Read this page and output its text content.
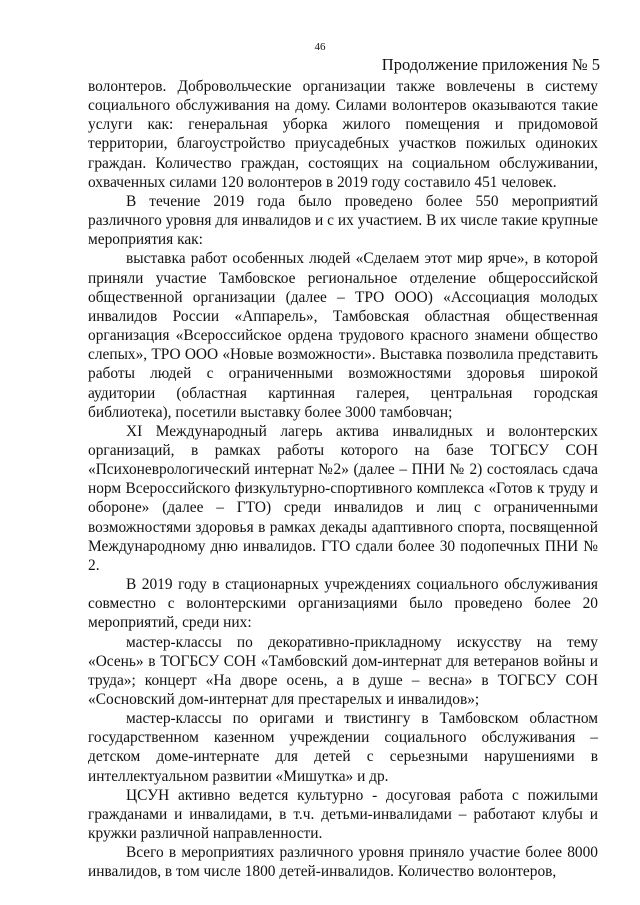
46
Продолжение приложения № 5

волонтеров. Добровольческие организации также вовлечены в систему социального обслуживания на дому. Силами волонтеров оказываются такие услуги как: генеральная уборка жилого помещения и придомовой территории, благоустройство приусадебных участков пожилых одиноких граждан. Количество граждан, состоящих на социальном обслуживании, охваченных силами 120 волонтеров в 2019 году составило 451 человек.

В течение 2019 года было проведено более 550 мероприятий различного уровня для инвалидов и с их участием. В их числе такие крупные мероприятия как:

выставка работ особенных людей «Сделаем этот мир ярче», в которой приняли участие Тамбовское региональное отделение общероссийской общественной организации (далее – ТРО ООО) «Ассоциация молодых инвалидов России «Аппарель», Тамбовская областная общественная организация «Всероссийское ордена трудового красного знамени общество слепых», ТРО ООО «Новые возможности». Выставка позволила представить работы людей с ограниченными возможностями здоровья широкой аудитории (областная картинная галерея, центральная городская библиотека), посетили выставку более 3000 тамбовчан;

XI Международный лагерь актива инвалидных и волонтерских организаций, в рамках работы которого на базе ТОГБСУ СОН «Психоневрологический интернат №2» (далее – ПНИ № 2) состоялась сдача норм Всероссийского физкультурно-спортивного комплекса «Готов к труду и обороне» (далее – ГТО) среди инвалидов и лиц с ограниченными возможностями здоровья в рамках декады адаптивного спорта, посвященной Международному дню инвалидов. ГТО сдали более 30 подопечных ПНИ № 2.

В 2019 году в стационарных учреждениях социального обслуживания совместно с волонтерскими организациями было проведено более 20 мероприятий, среди них:

мастер-классы по декоративно-прикладному искусству на тему «Осень» в ТОГБСУ СОН «Тамбовский дом-интернат для ветеранов войны и труда»; концерт «На дворе осень, а в душе – весна» в ТОГБСУ СОН «Сосновский дом-интернат для престарелых и инвалидов»;

мастер-классы по оригами и твистингу в Тамбовском областном государственном казенном учреждении социального обслуживания – детском доме-интернате для детей с серьезными нарушениями в интеллектуальном развитии «Мишутка» и др.

ЦСУН активно ведется культурно - досуговая работа с пожилыми гражданами и инвалидами, в т.ч. детьми-инвалидами – работают клубы и кружки различной направленности.

Всего в мероприятиях различного уровня приняло участие более 8000 инвалидов, в том числе 1800 детей-инвалидов. Количество волонтеров,
